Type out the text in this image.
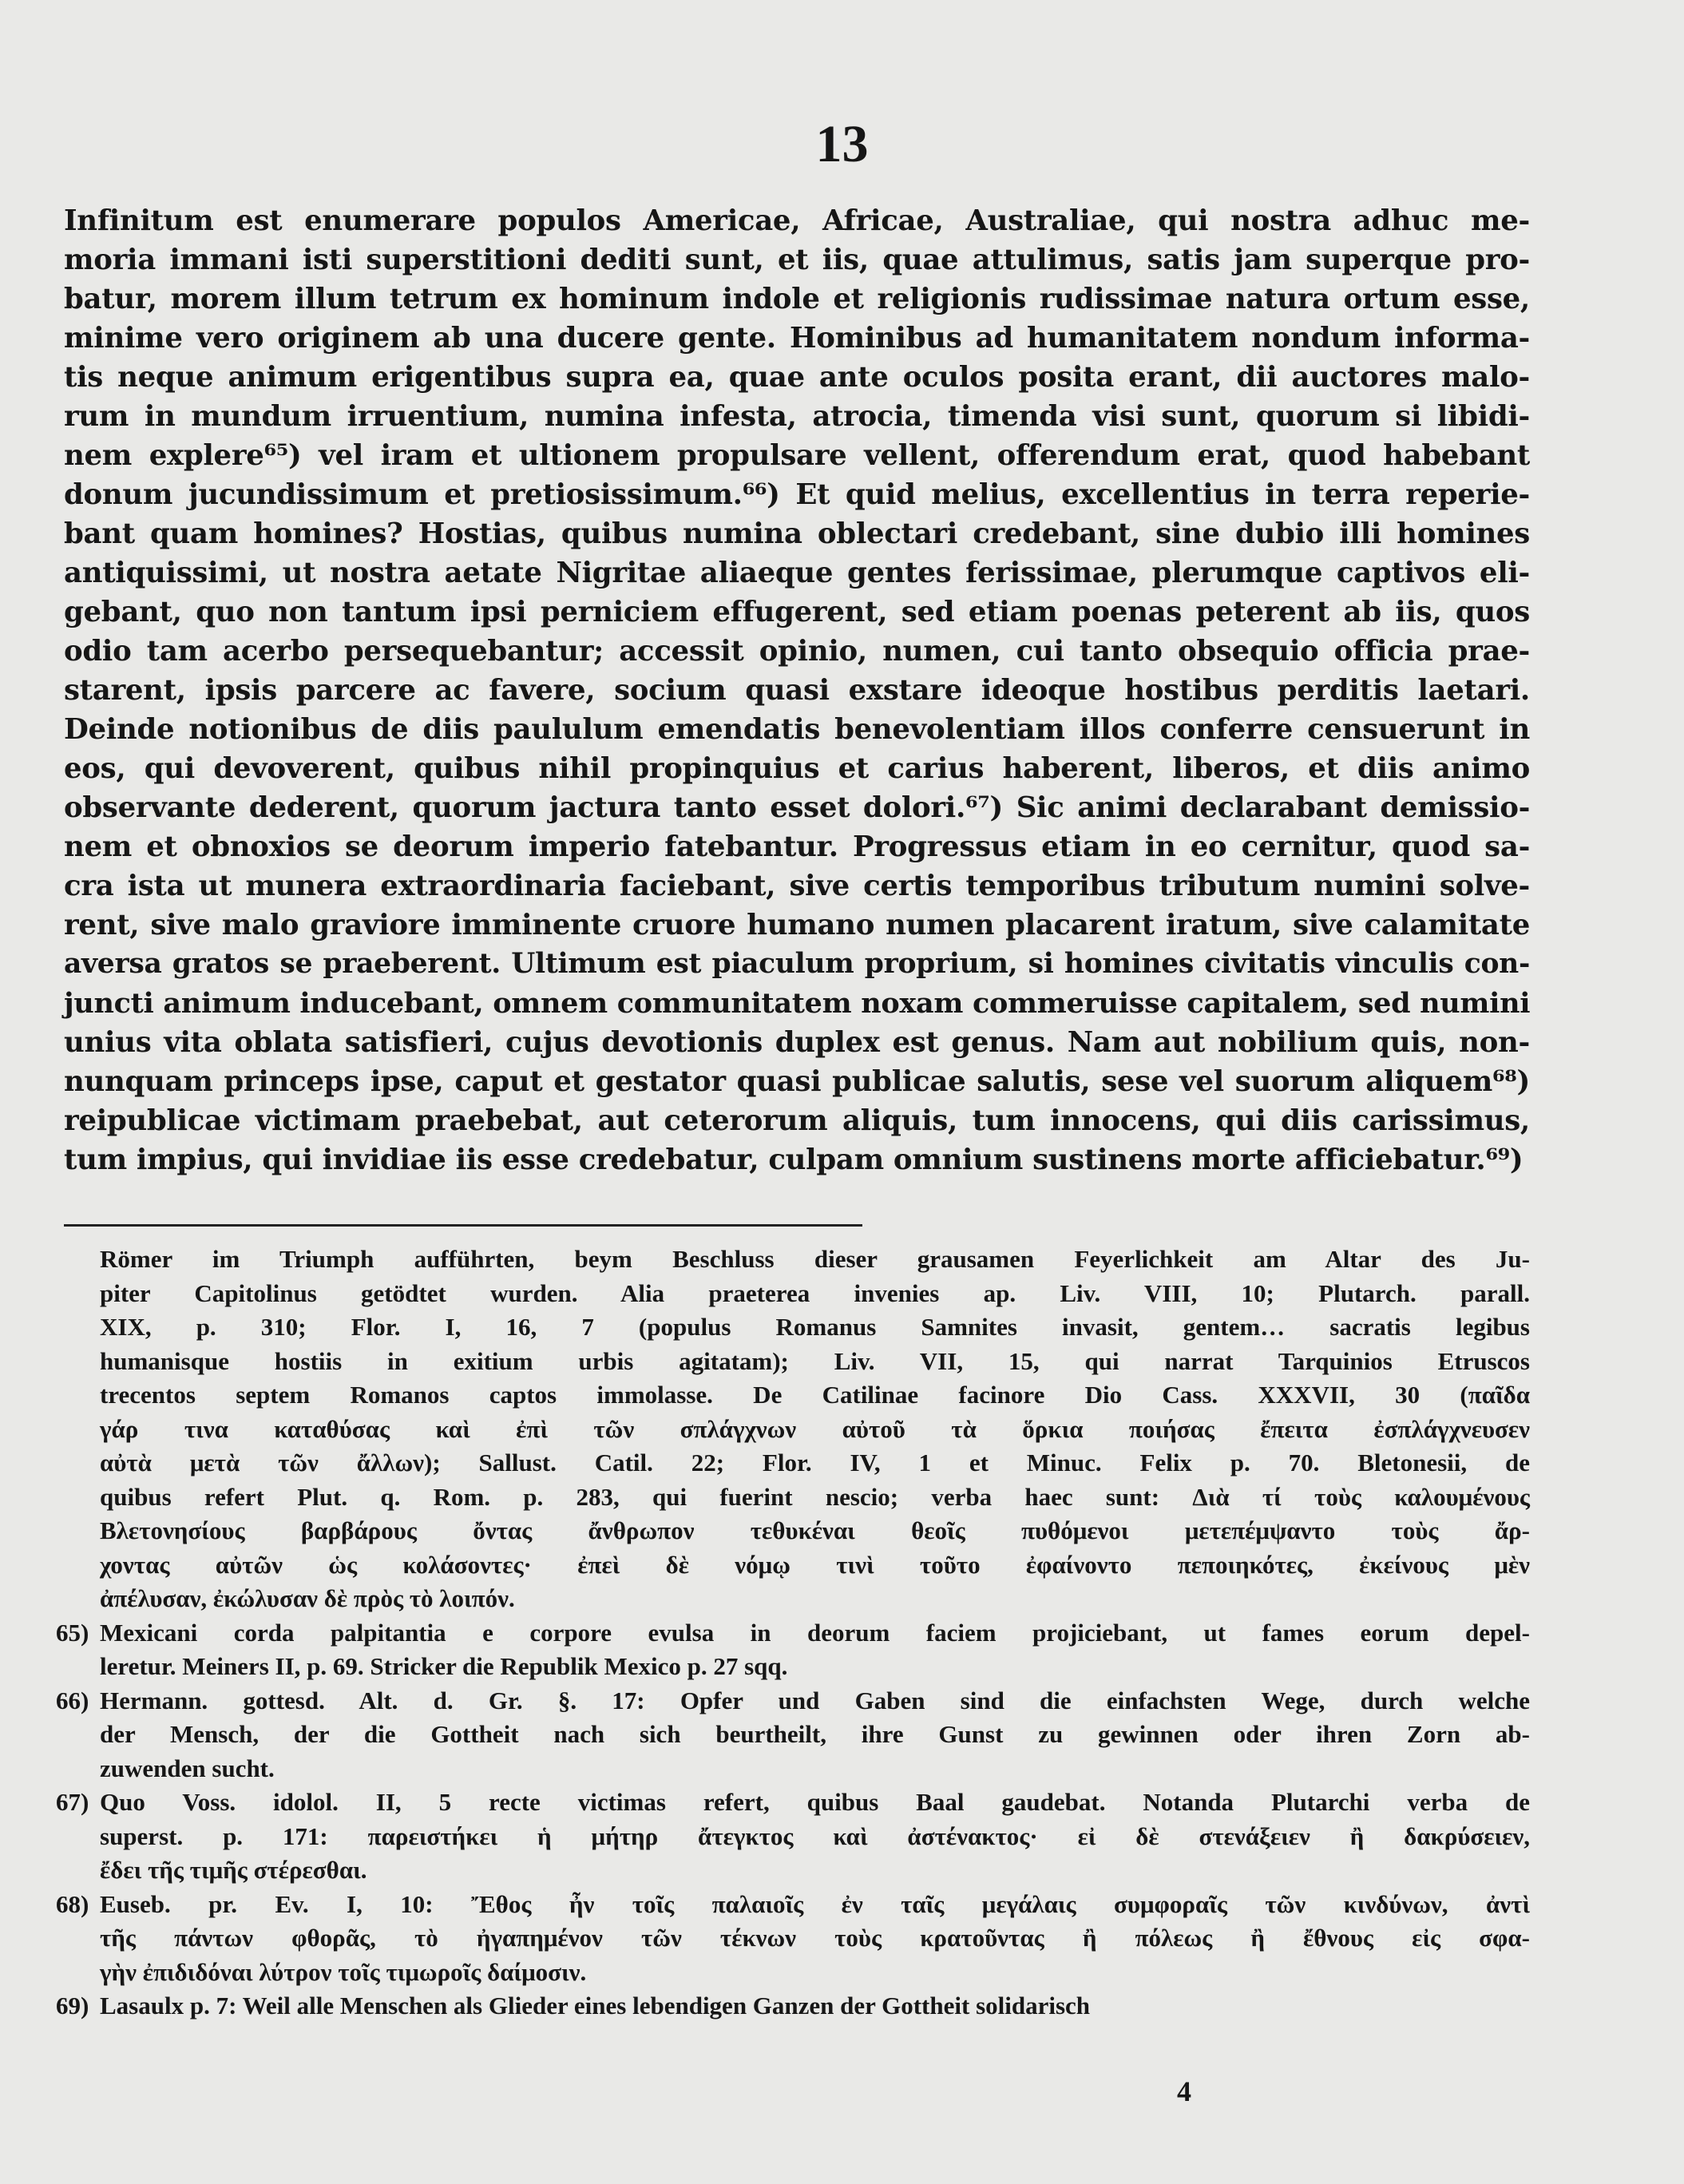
13
Infinitum est enumerare populos Americae, Africae, Australiae, qui nostra adhuc me-
moria immani isti superstitioni dediti sunt, et iis, quae attulimus, satis jam superque pro-
batur, morem illum tetrum ex hominum indole et religionis rudissimae natura ortum esse,
minime vero originem ab una ducere gente. Hominibus ad humanitatem nondum informa-
tis neque animum erigentibus supra ea, quae ante oculos posita erant, dii auctores malo-
rum in mundum irruentium, numina infesta, atrocia, timenda visi sunt, quorum si libidi-
nem explere⁶⁵) vel iram et ultionem propulsare vellent, offerendum erat, quod habebant
donum jucundissimum et pretiosissimum.⁶⁶) Et quid melius, excellentius in terra reperie-
bant quam homines? Hostias, quibus numina oblectari credebant, sine dubio illi homines
antiquissimi, ut nostra aetate Nigritae aliaeque gentes ferissimae, plerumque captivos eli-
gebant, quo non tantum ipsi perniciem effugerent, sed etiam poenas peterent ab iis, quos
odio tam acerbo persequebantur; accessit opinio, numen, cui tanto obsequio officia prae-
starent, ipsis parcere ac favere, socium quasi exstare ideoque hostibus perditis laetari.
Deinde notionibus de diis paululum emendatis benevolentiam illos conferre censuerunt in
eos, qui devoverent, quibus nihil propinquius et carius haberent, liberos, et diis animo
observante dederent, quorum jactura tanto esset dolori.⁶⁷) Sic animi declarabant demissio-
nem et obnoxios se deorum imperio fatebantur. Progressus etiam in eo cernitur, quod sa-
cra ista ut munera extraordinaria faciebant, sive certis temporibus tributum numini solve-
rent, sive malo graviore imminente cruore humano numen placarent iratum, sive calamitate
aversa gratos se praeberent. Ultimum est piaculum proprium, si homines civitatis vinculis con-
juncti animum inducebant, omnem communitatem noxam commeruisse capitalem, sed numini
unius vita oblata satisfieri, cujus devotionis duplex est genus. Nam aut nobilium quis, non-
nunquam princeps ipse, caput et gestator quasi publicae salutis, sese vel suorum aliquem⁶⁸)
reipublicae victimam praebebat, aut ceterorum aliquis, tum innocens, qui diis carissimus,
tum impius, qui invidiae iis esse credebatur, culpam omnium sustinens morte afficiebatur.⁶⁹)
Römer im Triumph aufführten, beym Beschluss dieser grausamen Feyerlichkeit am Altar des Ju-
piter Capitolinus getödtet wurden. Alia praeterea invenies ap. Liv. VIII, 10; Plutarch. parall.
XIX, p. 310; Flor. I, 16, 7 (populus Romanus Samnites invasit, gentem… sacratis legibus
humanisque hostiis in exitium urbis agitatam); Liv. VII, 15, qui narrat Tarquinios Etruscos
trecentos septem Romanos captos immolasse. De Catilinae facinore Dio Cass. XXXVII, 30 (παῖδα
γάρ τινα καταθύσας καὶ ἐπὶ τῶν σπλάγχνων αὐτοῦ τὰ ὅρκια ποιήσας ἔπειτα ἐσπλάγχνευσεν
αὐτὰ μετὰ τῶν ἄλλων); Sallust. Catil. 22; Flor. IV, 1 et Minuc. Felix p. 70. Bletonesii, de
quibus refert Plut. q. Rom. p. 283, qui fuerint nescio; verba haec sunt: Διὰ τί τοὺς καλουμένους
Βλετονησίους βαρβάρους ὄντας ἄνθρωπον τεθυκέναι θεοῖς πυθόμενοι μετεπέμψαντο τοὺς ἄρ-
χοντας αὐτῶν ὡς κολάσοντες· ἐπεὶ δὲ νόμῳ τινὶ τοῦτο ἐφαίνοντο πεποιηκότες, ἐκείνους μὲν
ἀπέλυσαν, ἐκώλυσαν δὲ πρὸς τὸ λοιπόν.
65) Mexicani corda palpitantia e corpore evulsa in deorum faciem projiciebant, ut fames eorum depel-
leretur. Meiners II, p. 69. Stricker die Republik Mexico p. 27 sqq.
66) Hermann. gottesd. Alt. d. Gr. §. 17: Opfer und Gaben sind die einfachsten Wege, durch welche
der Mensch, der die Gottheit nach sich beurtheilt, ihre Gunst zu gewinnen oder ihren Zorn ab-
zuwenden sucht.
67) Quo Voss. idolol. II, 5 recte victimas refert, quibus Baal gaudebat. Notanda Plutarchi verba de
superst. p. 171: παρειστήκει ἡ μήτηρ ἄτεγκτος καὶ ἀστένακτος· εἰ δὲ στενάξειεν ἢ δακρύσειεν,
ἔδει τῆς τιμῆς στέρεσθαι.
68) Euseb. pr. Ev. I, 10: Ἔθος ἦν τοῖς παλαιοῖς ἐν ταῖς μεγάλαις συμφοραῖς τῶν κινδύνων, ἀντὶ
τῆς πάντων φθορᾶς, τὸ ἠγαπημένον τῶν τέκνων τοὺς κρατοῦντας ἢ πόλεως ἢ ἔθνους εἰς σφα-
γὴν ἐπιδιδόναι λύτρον τοῖς τιμωροῖς δαίμοσιν.
69) Lasaulx p. 7: Weil alle Menschen als Glieder eines lebendigen Ganzen der Gottheit solidarisch
4
